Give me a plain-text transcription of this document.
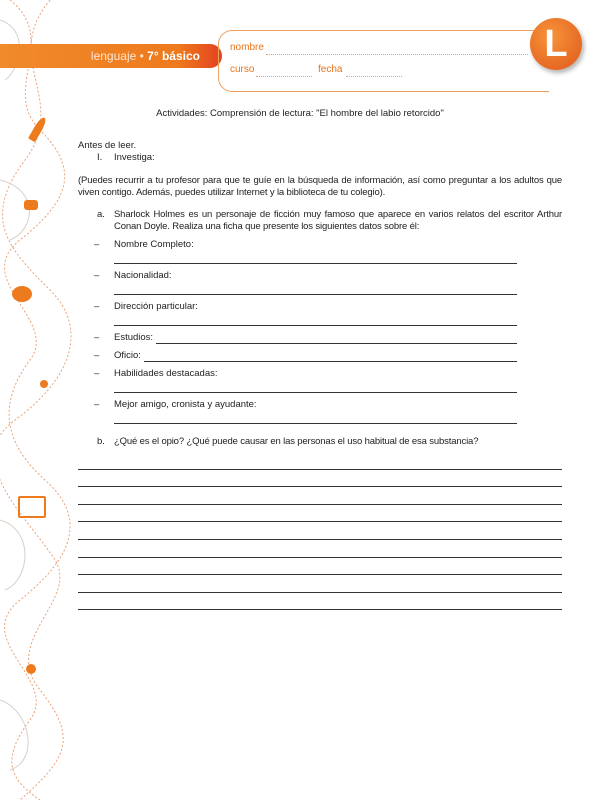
lenguaje • 7° básico
nombre
curso	fecha
L
Actividades: Comprensión de lectura: "El hombre del labio retorcido"
Antes de leer.
I.	Investiga:
(Puedes recurrir a tu profesor para que te guíe en la búsqueda de información, así como preguntar a los adultos que viven contigo. Además, puedes utilizar Internet y la biblioteca de tu colegio).
a. Sharlock Holmes es un personaje de ficción muy famoso que aparece en varios relatos del escritor Arthur Conan Doyle. Realiza una ficha que presente los siguientes datos sobre él:
–	Nombre Completo:
–	Nacionalidad:
–	Dirección particular:
–	Estudios:
–	Oficio:
–	Habilidades destacadas:
–	Mejor amigo, cronista y ayudante:
b. ¿Qué es el opio? ¿Qué puede causar en las personas el uso habitual de esa substancia?
